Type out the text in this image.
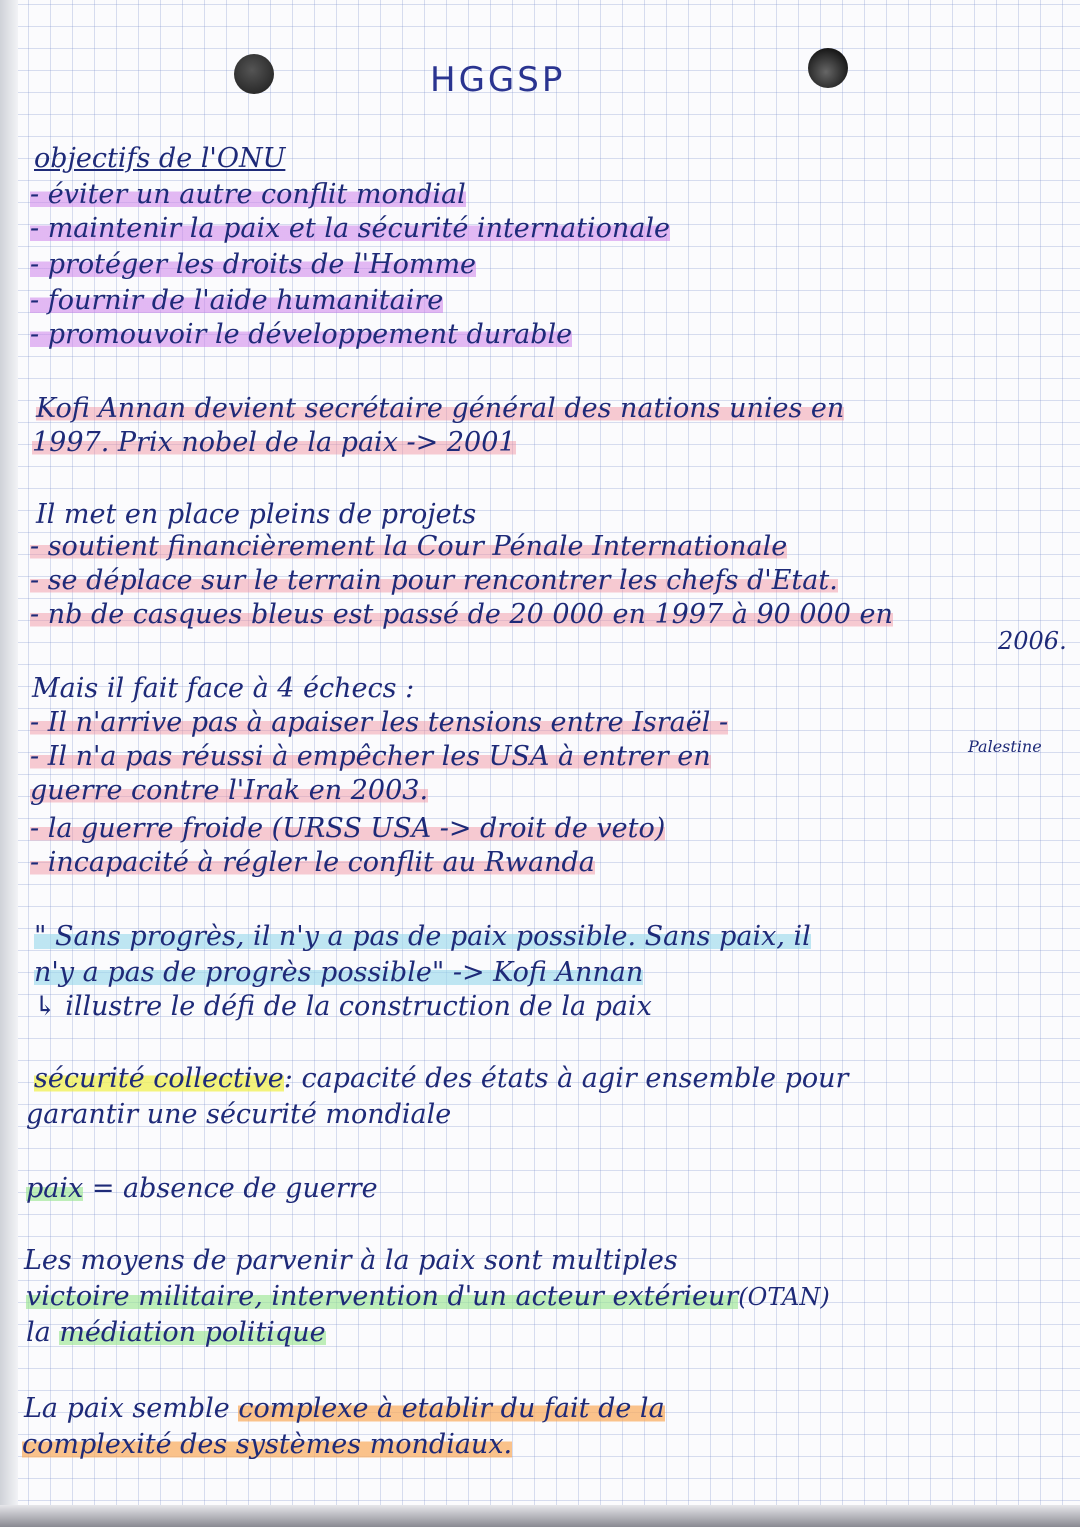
HGGSP
objectifs de l'ONU
- éviter un autre conflit mondial
- maintenir la paix et la sécurité internationale
- protéger les droits de l'Homme
- fournir de l'aide humanitaire
- promouvoir le développement durable
Kofi Annan devient secrétaire général des nations unies en
1997. Prix nobel de la paix -> 2001
Il met en place pleins de projets
- soutient financièrement la Cour Pénale Internationale
- se déplace sur le terrain pour rencontrer les chefs d'Etat.
- nb de casques bleus est passé de 20 000 en 1997 à 90 000 en
2006.
Mais il fait face à 4 échecs :
- Il n'arrive pas à apaiser les tensions entre Israël -
Palestine
- Il n'a pas réussi à empêcher les USA à entrer en
guerre contre l'Irak en 2003.
- la guerre froide (URSS USA -> droit de veto)
- incapacité à régler le conflit au Rwanda
" Sans progrès, il n'y a pas de paix possible. Sans paix, il
n'y a pas de progrès possible" -> Kofi Annan
↳ illustre le défi de la construction de la paix
sécurité collective: capacité des états à agir ensemble pour
garantir une sécurité mondiale
paix = absence de guerre
Les moyens de parvenir à la paix sont multiples
victoire militaire, intervention d'un acteur extérieur(OTAN)
la médiation politique
La paix semble complexe à etablir du fait de la
complexité des systèmes mondiaux.
